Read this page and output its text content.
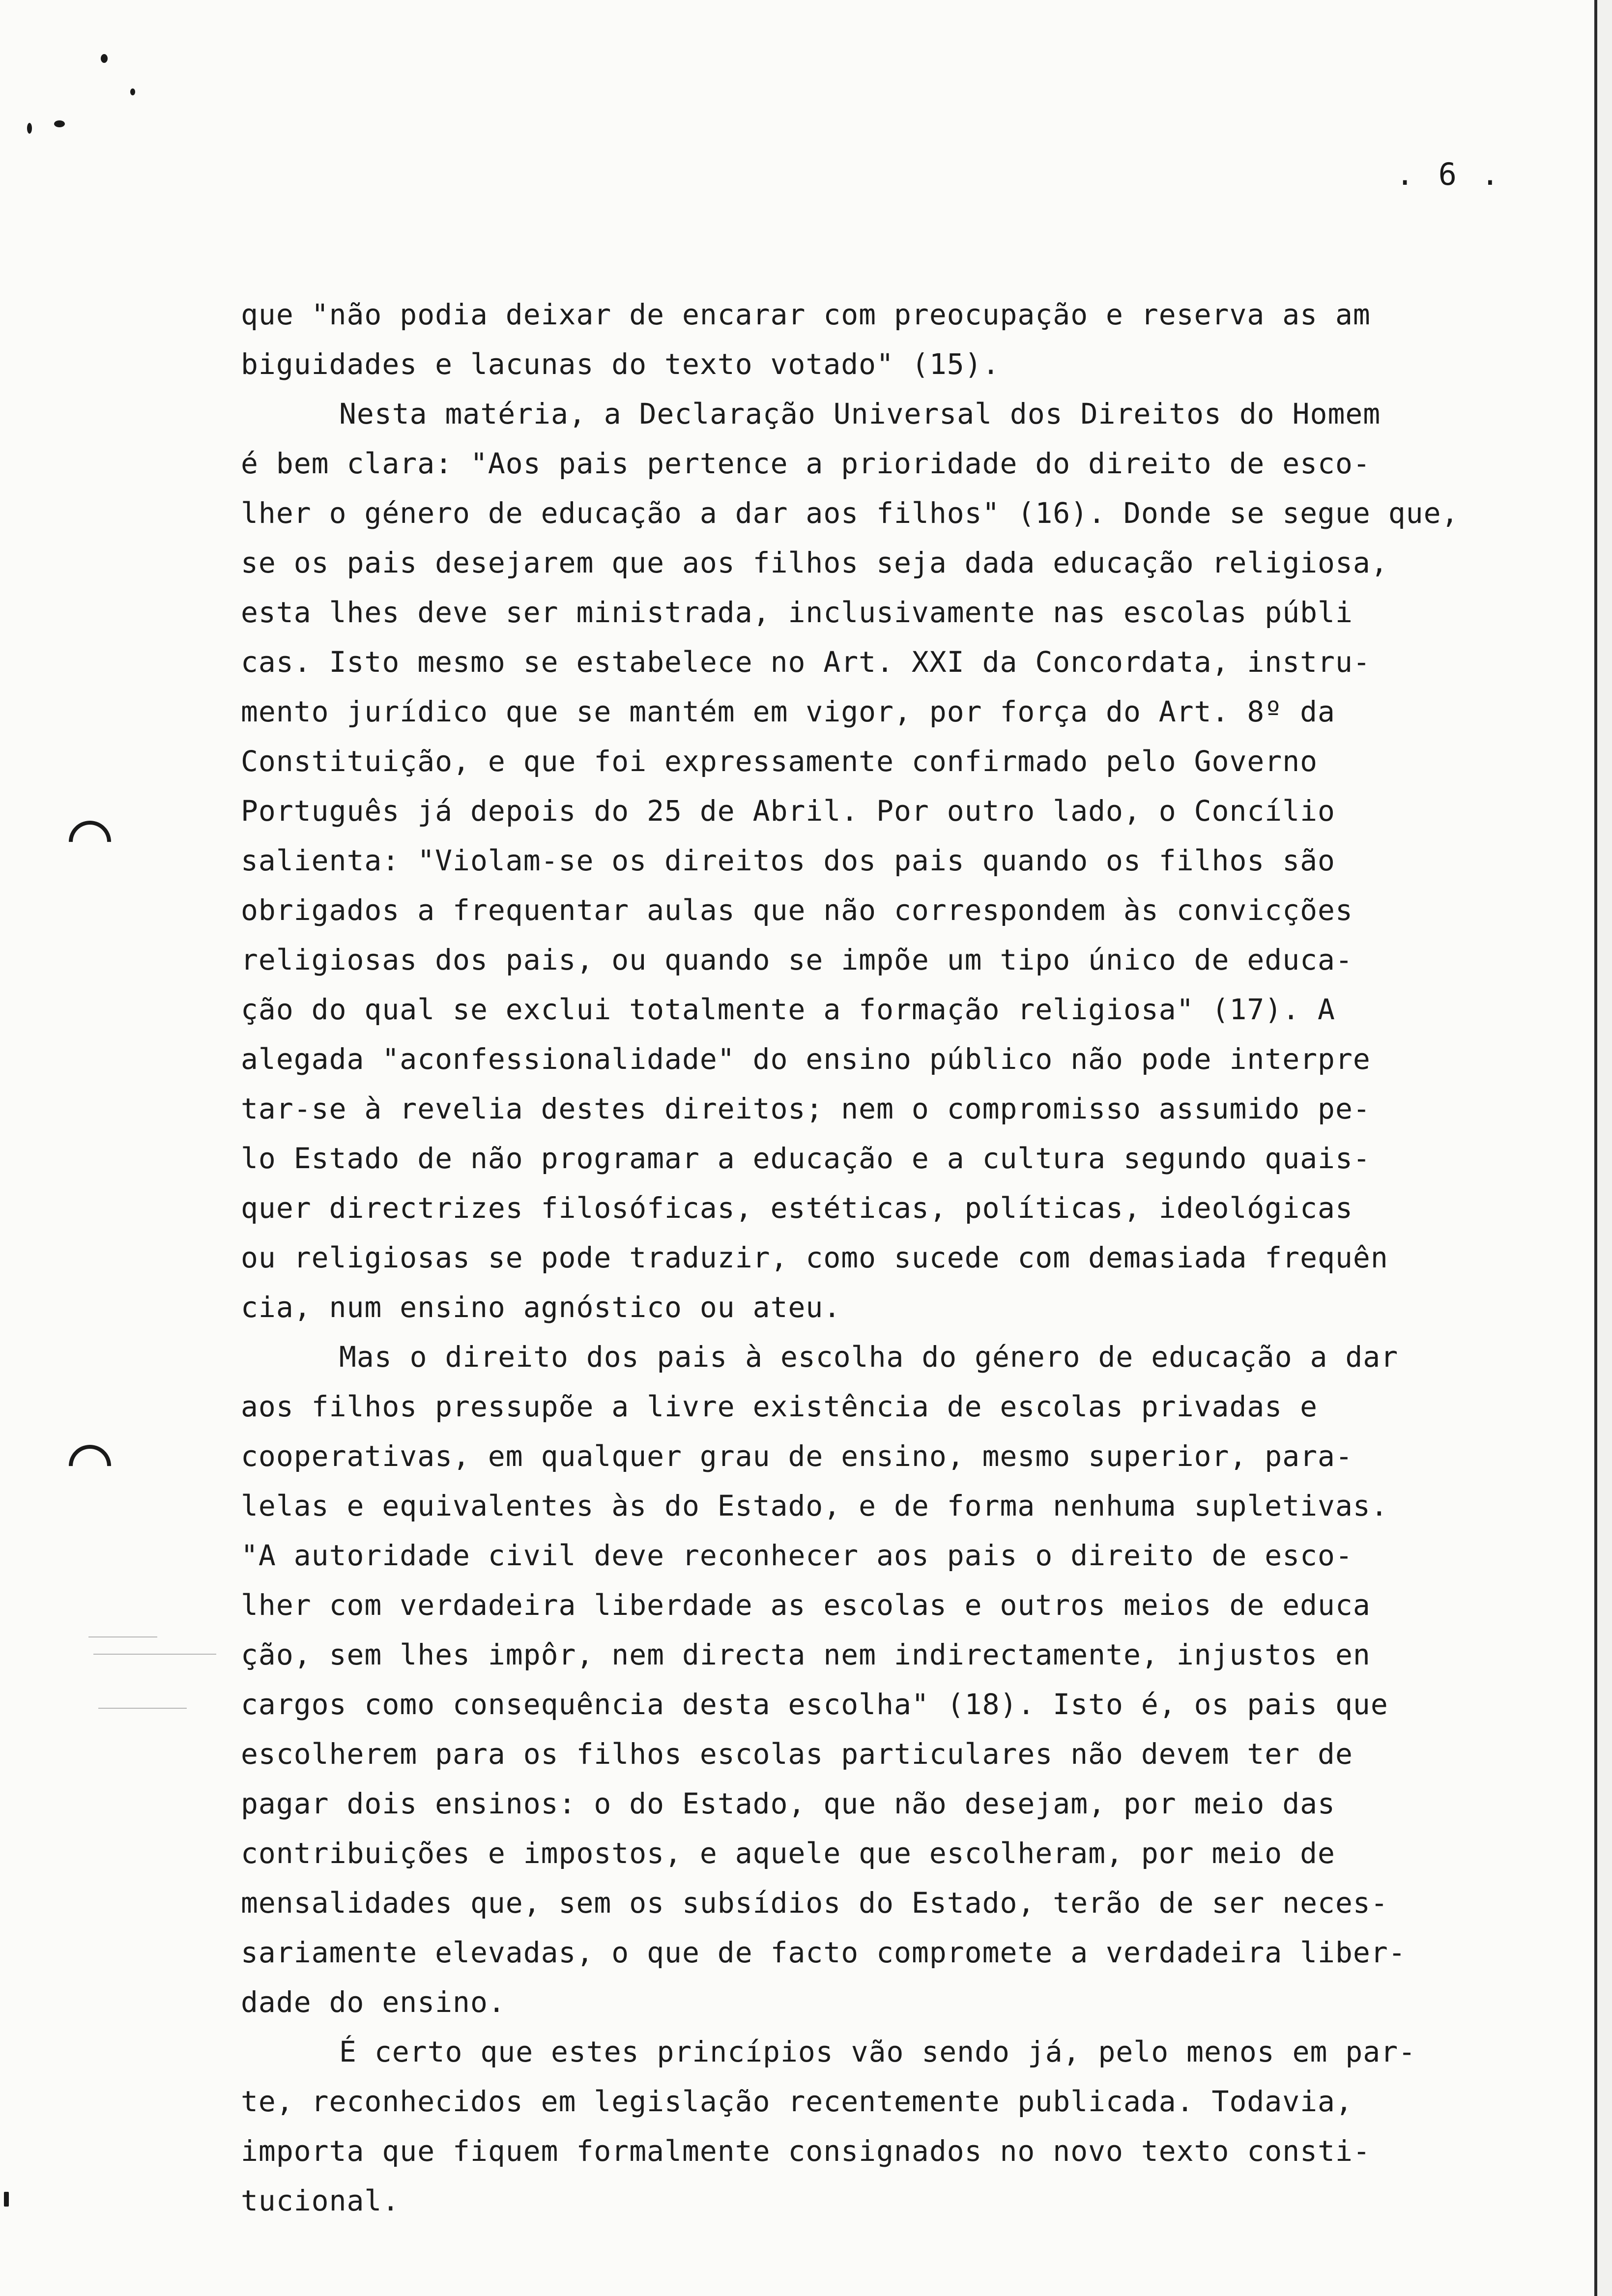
. 6 .

que "não podia deixar de encarar com preocupação e reserva as am
biguidades e lacunas do texto votado" (15).

Nesta matéria, a Declaração Universal dos Direitos do Homem
é bem clara: "Aos pais pertence a prioridade do direito de esco-
lher o género de educação a dar aos filhos" (16). Donde se segue que,
se os pais desejarem que aos filhos seja dada educação religiosa,
esta lhes deve ser ministrada, inclusivamente nas escolas públi
cas. Isto mesmo se estabelece no Art. XXI da Concordata, instru-
mento jurídico que se mantém em vigor, por força do Art. 8º da
Constituição, e que foi expressamente confirmado pelo Governo
Português já depois do 25 de Abril. Por outro lado, o Concílio
salienta: "Violam-se os direitos dos pais quando os filhos são
obrigados a frequentar aulas que não correspondem às convicções
religiosas dos pais, ou quando se impõe um tipo único de educa-
ção do qual se exclui totalmente a formação religiosa" (17). A
alegada "aconfessionalidade" do ensino público não pode interpre
tar-se à revelia destes direitos; nem o compromisso assumido pe-
lo Estado de não programar a educação e a cultura segundo quais-
quer directrizes filosóficas, estéticas, políticas, ideológicas
ou religiosas se pode traduzir, como sucede com demasiada frequên
cia, num ensino agnóstico ou ateu.

Mas o direito dos pais à escolha do género de educação a dar
aos filhos pressupõe a livre existência de escolas privadas e
cooperativas, em qualquer grau de ensino, mesmo superior, para-
lelas e equivalentes às do Estado, e de forma nenhuma supletivas.
"A autoridade civil deve reconhecer aos pais o direito de esco-
lher com verdadeira liberdade as escolas e outros meios de educa
ção, sem lhes impôr, nem directa nem indirectamente, injustos en
cargos como consequência desta escolha" (18). Isto é, os pais que
escolherem para os filhos escolas particulares não devem ter de
pagar dois ensinos: o do Estado, que não desejam, por meio das
contribuições e impostos, e aquele que escolheram, por meio de
mensalidades que, sem os subsídios do Estado, terão de ser neces-
sariamente elevadas, o que de facto compromete a verdadeira liber-
dade do ensino.

É certo que estes princípios vão sendo já, pelo menos em par-
te, reconhecidos em legislação recentemente publicada. Todavia,
importa que fiquem formalmente consignados no novo texto consti-
tucional.
